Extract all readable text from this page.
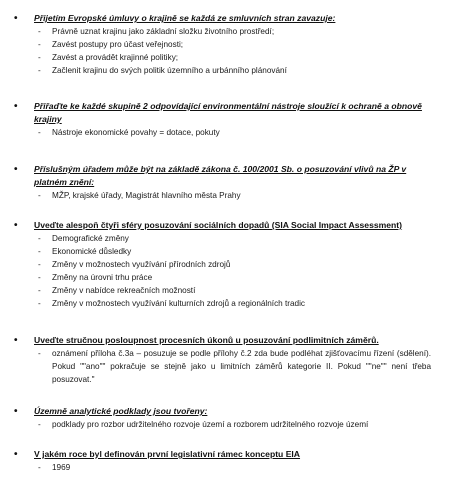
• Přijetím Evropské úmluvy o krajině se každá ze smluvních stran zavazuje:
- Právně uznat krajinu jako základní složku životního prostředí;
- Zavést postupy pro účast veřejnosti;
- Zavést a provádět krajinné politiky;
- Začlenit krajinu do svých politik územního a urbánního plánování
• Přiřaďte ke každé skupině 2 odpovídající environmentální nástroje sloužící k ochraně a obnově krajiny
- Nástroje ekonomické povahy = dotace, pokuty
• Příslušným úřadem může být na základě zákona č. 100/2001 Sb. o posuzování vlivů na ŽP v platném znění:
- MŽP, krajské úřady, Magistrát hlavního města Prahy
• Uveďte alespoň čtyři sféry posuzování sociálních dopadů (SIA Social Impact Assessment)
- Demografické změny
- Ekonomické důsledky
- Změny v možnostech využívání přírodních zdrojů
- Změny na úrovni trhu práce
- Změny v nabídce rekreačních možností
- Změny v možnostech využívání kulturních zdrojů a regionálních tradic
• Uveďte stručnou posloupnost procesních úkonů u posuzování podlimitních záměrů.
- oznámení příloha č.3a – posuzuje se podle přílohy č.2 zda bude podléhat zjišťovacímu řízení (sdělení). Pokud ""ano"" pokračuje se stejně jako u limitních záměrů kategorie II. Pokud ""ne"" není třeba posuzovat."
• Územně analytické podklady jsou tvořeny:
- podklady pro rozbor udržitelného rozvoje území a rozborem udržitelného rozvoje území
• V jakém roce byl definován první legislativní rámec konceptu EIA
- 1969
